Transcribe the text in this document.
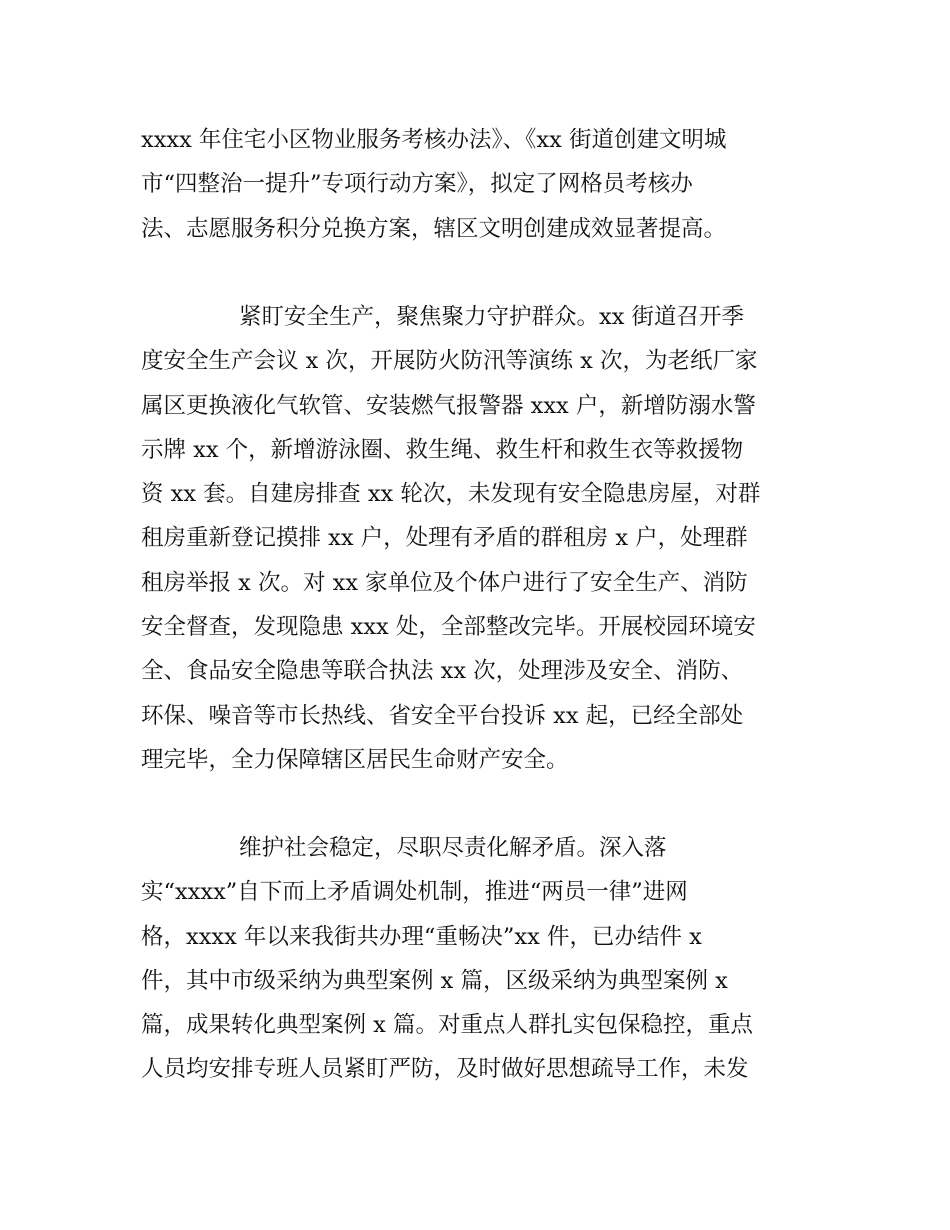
xxxx 年住宅小区物业服务考核办法》、《xx 街道创建文明城
市“四整治一提升”专项行动方案》，拟定了网格员考核办
法、志愿服务积分兑换方案，辖区文明创建成效显著提高。
紧盯安全生产，聚焦聚力守护群众。xx 街道召开季
度安全生产会议 x 次，开展防火防汛等演练 x 次，为老纸厂家
属区更换液化气软管、安装燃气报警器 xxx 户，新增防溺水警
示牌 xx 个，新增游泳圈、救生绳、救生杆和救生衣等救援物
资 xx 套。自建房排查 xx 轮次，未发现有安全隐患房屋，对群
租房重新登记摸排 xx 户，处理有矛盾的群租房 x 户，处理群
租房举报 x 次。对 xx 家单位及个体户进行了安全生产、消防
安全督查，发现隐患 xxx 处，全部整改完毕。开展校园环境安
全、食品安全隐患等联合执法 xx 次，处理涉及安全、消防、
环保、噪音等市长热线、省安全平台投诉 xx 起，已经全部处
理完毕，全力保障辖区居民生命财产安全。
维护社会稳定，尽职尽责化解矛盾。深入落
实“xxxx”自下而上矛盾调处机制，推进“两员一律”进网
格，xxxx 年以来我街共办理“重畅决”xx 件，已办结件 x
件，其中市级采纳为典型案例 x 篇，区级采纳为典型案例 x
篇，成果转化典型案例 x 篇。对重点人群扎实包保稳控，重点
人员均安排专班人员紧盯严防，及时做好思想疏导工作，未发
